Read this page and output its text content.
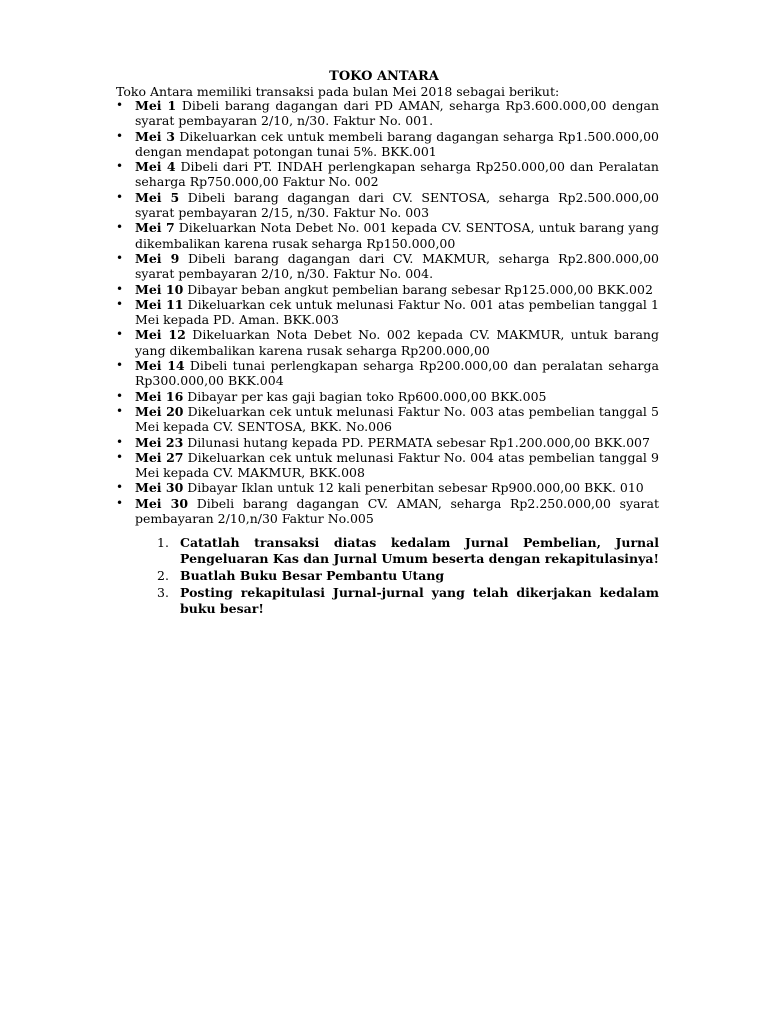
TOKO ANTARA
Toko Antara memiliki transaksi pada bulan Mei 2018 sebagai berikut:
• Mei 1 Dibeli barang dagangan dari PD AMAN, seharga Rp3.600.000,00 dengan syarat pembayaran 2/10, n/30. Faktur No. 001.
• Mei 3 Dikeluarkan cek untuk membeli barang dagangan seharga Rp1.500.000,00 dengan mendapat potongan tunai 5%. BKK.001
• Mei 4 Dibeli dari PT. INDAH perlengkapan seharga Rp250.000,00 dan Peralatan seharga Rp750.000,00 Faktur No. 002
• Mei 5 Dibeli barang dagangan dari CV. SENTOSA, seharga Rp2.500.000,00 syarat pembayaran 2/15, n/30. Faktur No. 003
• Mei 7 Dikeluarkan Nota Debet No. 001 kepada CV. SENTOSA, untuk barang yang dikembalikan karena rusak seharga Rp150.000,00
• Mei 9 Dibeli barang dagangan dari CV. MAKMUR, seharga Rp2.800.000,00 syarat pembayaran 2/10, n/30. Faktur No. 004.
• Mei 10 Dibayar beban angkut pembelian barang sebesar Rp125.000,00 BKK.002
• Mei 11 Dikeluarkan cek untuk melunasi Faktur No. 001 atas pembelian tanggal 1 Mei kepada PD. Aman. BKK.003
• Mei 12 Dikeluarkan Nota Debet No. 002 kepada CV. MAKMUR, untuk barang yang dikembalikan karena rusak seharga Rp200.000,00
• Mei 14 Dibeli tunai perlengkapan seharga Rp200.000,00 dan peralatan seharga Rp300.000,00 BKK.004
• Mei 16 Dibayar per kas gaji bagian toko Rp600.000,00 BKK.005
• Mei 20 Dikeluarkan cek untuk melunasi Faktur No. 003 atas pembelian tanggal 5 Mei kepada CV. SENTOSA, BKK. No.006
• Mei 23 Dilunasi hutang kepada PD. PERMATA sebesar Rp1.200.000,00 BKK.007
• Mei 27 Dikeluarkan cek untuk melunasi Faktur No. 004 atas pembelian tanggal 9 Mei kepada CV. MAKMUR, BKK.008
• Mei 30 Dibayar Iklan untuk 12 kali penerbitan sebesar Rp900.000,00 BKK. 010
• Mei 30 Dibeli barang dagangan CV. AMAN, seharga Rp2.250.000,00 syarat pembayaran 2/10,n/30 Faktur No.005
1. Catatlah transaksi diatas kedalam Jurnal Pembelian, Jurnal Pengeluaran Kas dan Jurnal Umum beserta dengan rekapitulasinya!
2. Buatlah Buku Besar Pembantu Utang
3. Posting rekapitulasi Jurnal-jurnal yang telah dikerjakan kedalam buku besar!
